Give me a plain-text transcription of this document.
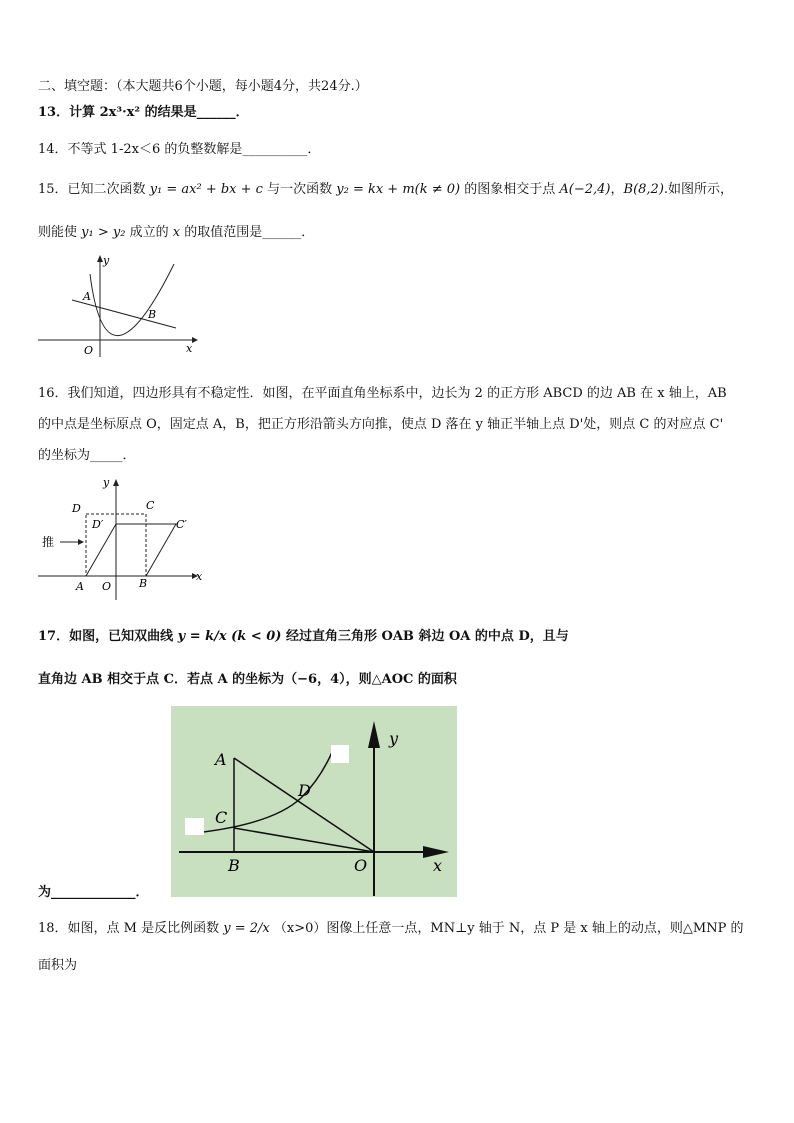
二、填空题：（本大题共6个小题，每小题4分，共24分.）
13．计算 2x³·x² 的结果是______．
14．不等式 1-2x＜6 的负整数解是__________．
15．已知二次函数 y₁ = ax² + bx + c 与一次函数 y₂ = kx + m(k ≠ 0) 的图象相交于点 A(−2,4)，B(8,2).如图所示，
则能使 y₁ > y₂ 成立的 x 的取值范围是______．
y
x
A
B
O
16．我们知道，四边形具有不稳定性．如图，在平面直角坐标系中，边长为 2 的正方形 ABCD 的边 AB 在 x 轴上，AB
的中点是坐标原点 O，固定点 A，B，把正方形沿箭头方向推，使点 D 落在 y 轴正半轴上点 D'处，则点 C 的对应点 C'
的坐标为_____．
推
y
x
D	C
D′	C′
A O	B
17．如图，已知双曲线 y = k/x (k < 0) 经过直角三角形 OAB 斜边 OA 的中点 D，且与
直角边 AB 相交于点 C．若点 A 的坐标为（−6，4），则△AOC 的面积
A
D
C
B	O	x
y
为_____________．
18．如图，点 M 是反比例函数 y = 2/x （x>0）图像上任意一点，MN⊥y 轴于 N，点 P 是 x 轴上的动点，则△MNP 的
面积为
